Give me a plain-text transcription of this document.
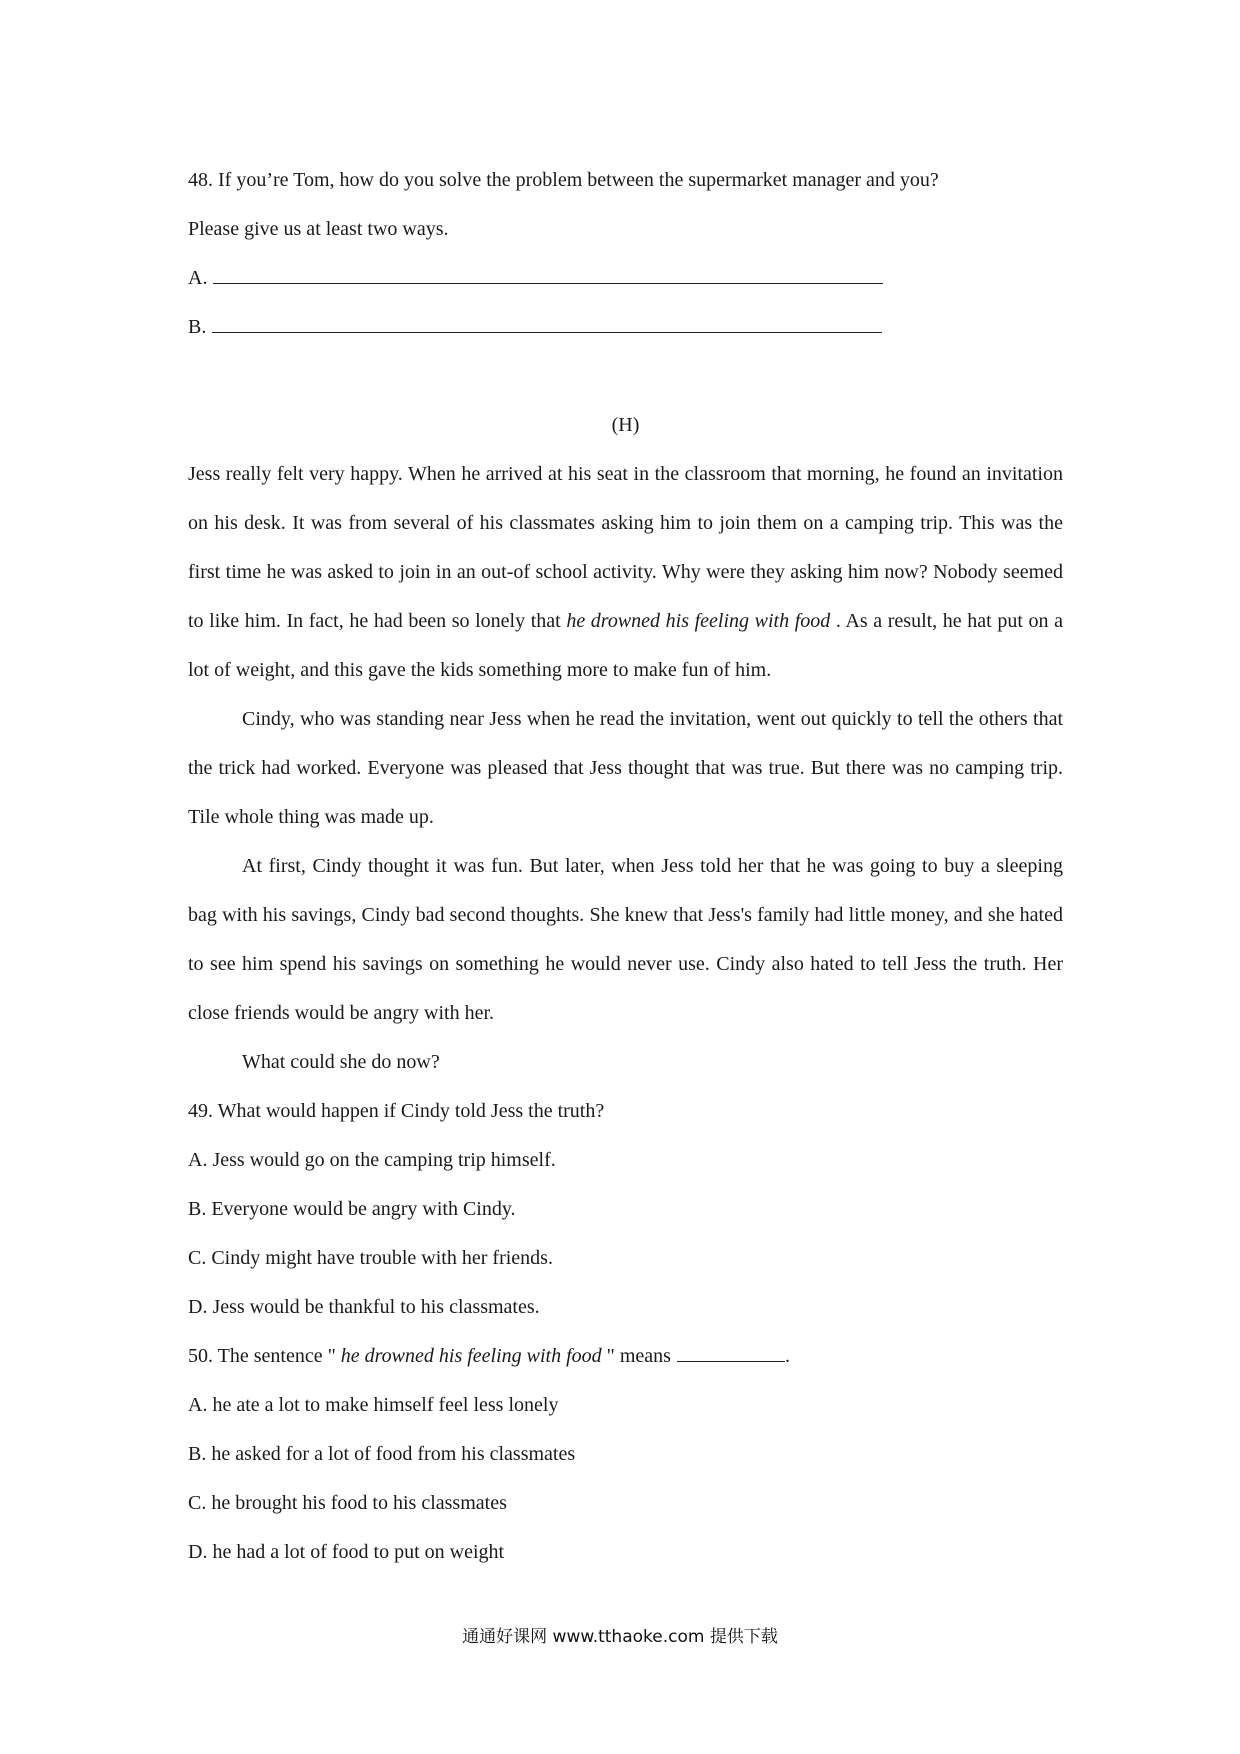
48. If you’re Tom, how do you solve the problem between the supermarket manager and you?

Please give us at least two ways.

A.

B.

(H)

Jess really felt very happy. When he arrived at his seat in the classroom that morning, he found an invitation on his desk. It was from several of his classmates asking him to join them on a camping trip. This was the first time he was asked to join in an out-of school activity. Why were they asking him now? Nobody seemed to like him. In fact, he had been so lonely that he drowned his feeling with food . As a result, he hat put on a lot of weight, and this gave the kids something more to make fun of him.

Cindy, who was standing near Jess when he read the invitation, went out quickly to tell the others that the trick had worked. Everyone was pleased that Jess thought that was true. But there was no camping trip. Tile whole thing was made up.

At first, Cindy thought it was fun. But later, when Jess told her that he was going to buy a sleeping bag with his savings, Cindy bad second thoughts. She knew that Jess's family had little money, and she hated to see him spend his savings on something he would never use. Cindy also hated to tell Jess the truth. Her close friends would be angry with her.

What could she do now?

49. What would happen if Cindy told Jess the truth?

A. Jess would go on the camping trip himself.

B. Everyone would be angry with Cindy.

C. Cindy might have trouble with her friends.

D. Jess would be thankful to his classmates.

50. The sentence " he drowned his feeling with food " means	.

A. he ate a lot to make himself feel less lonely

B. he asked for a lot of food from his classmates

C. he brought his food to his classmates

D. he had a lot of food to put on weight

通通好课网 www.tthaoke.com 提供下载
